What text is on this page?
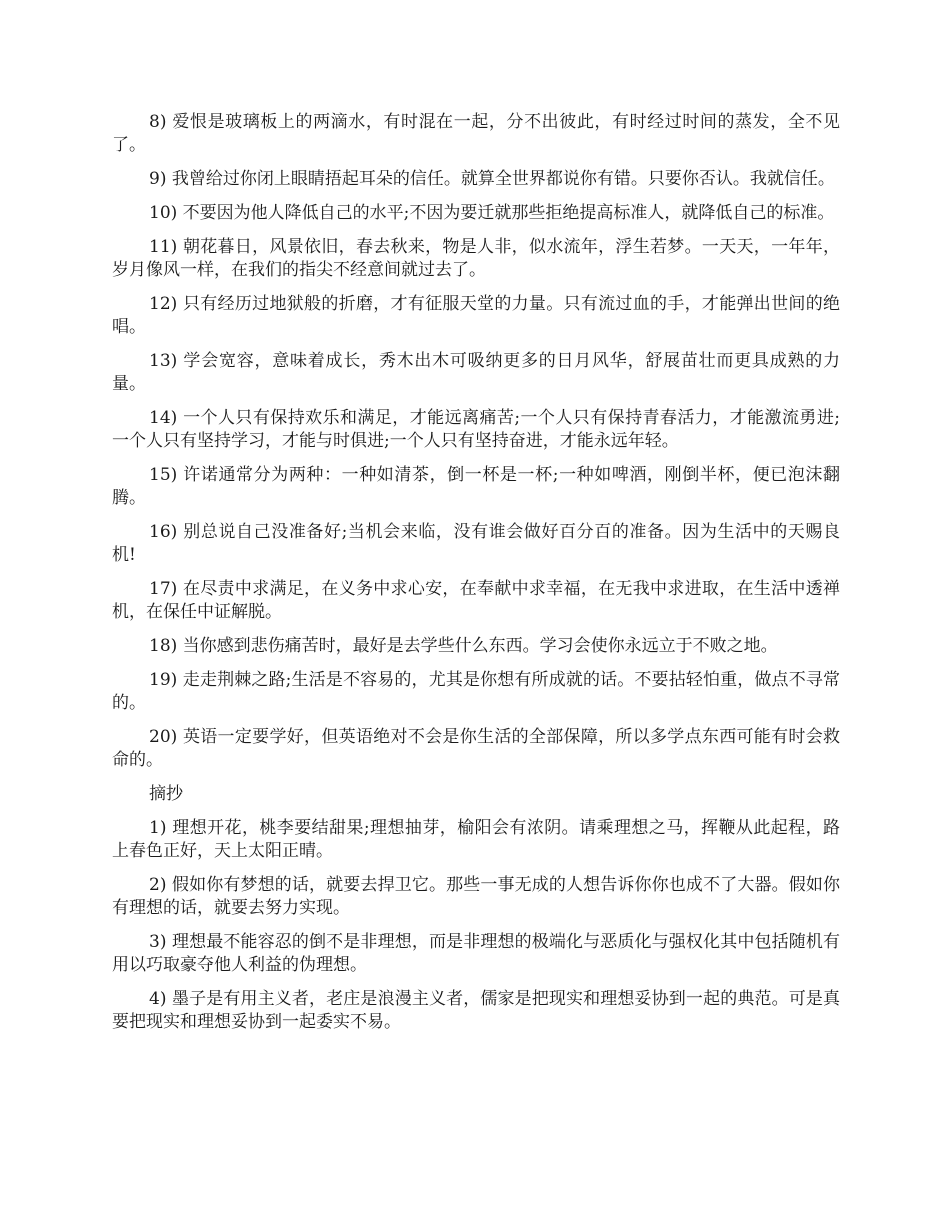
8) 爱恨是玻璃板上的两滴水，有时混在一起，分不出彼此，有时经过时间的蒸发，全不见了。

9) 我曾给过你闭上眼睛捂起耳朵的信任。就算全世界都说你有错。只要你否认。我就信任。

10) 不要因为他人降低自己的水平;不因为要迁就那些拒绝提高标准人，就降低自己的标准。

11) 朝花暮日，风景依旧，春去秋来，物是人非，似水流年，浮生若梦。一天天，一年年，岁月像风一样，在我们的指尖不经意间就过去了。

12) 只有经历过地狱般的折磨，才有征服天堂的力量。只有流过血的手，才能弹出世间的绝唱。

13) 学会宽容，意味着成长，秀木出木可吸纳更多的日月风华，舒展苗壮而更具成熟的力量。

14) 一个人只有保持欢乐和满足，才能远离痛苦;一个人只有保持青春活力，才能激流勇进;一个人只有坚持学习，才能与时俱进;一个人只有坚持奋进，才能永远年轻。

15) 许诺通常分为两种：一种如清茶，倒一杯是一杯;一种如啤酒，刚倒半杯，便已泡沫翻腾。

16) 别总说自己没准备好;当机会来临，没有谁会做好百分百的准备。因为生活中的天赐良机!

17) 在尽责中求满足，在义务中求心安，在奉献中求幸福，在无我中求进取，在生活中透禅机，在保任中证解脱。

18) 当你感到悲伤痛苦时，最好是去学些什么东西。学习会使你永远立于不败之地。

19) 走走荆棘之路;生活是不容易的，尤其是你想有所成就的话。不要拈轻怕重，做点不寻常的。

20) 英语一定要学好，但英语绝对不会是你生活的全部保障，所以多学点东西可能有时会救命的。

摘抄

1) 理想开花，桃李要结甜果;理想抽芽，榆阳会有浓阴。请乘理想之马，挥鞭从此起程，路上春色正好，天上太阳正晴。

2) 假如你有梦想的话，就要去捍卫它。那些一事无成的人想告诉你你也成不了大器。假如你有理想的话，就要去努力实现。

3) 理想最不能容忍的倒不是非理想，而是非理想的极端化与恶质化与强权化其中包括随机有用以巧取豪夺他人利益的伪理想。

4) 墨子是有用主义者，老庄是浪漫主义者，儒家是把现实和理想妥协到一起的典范。可是真要把现实和理想妥协到一起委实不易。
